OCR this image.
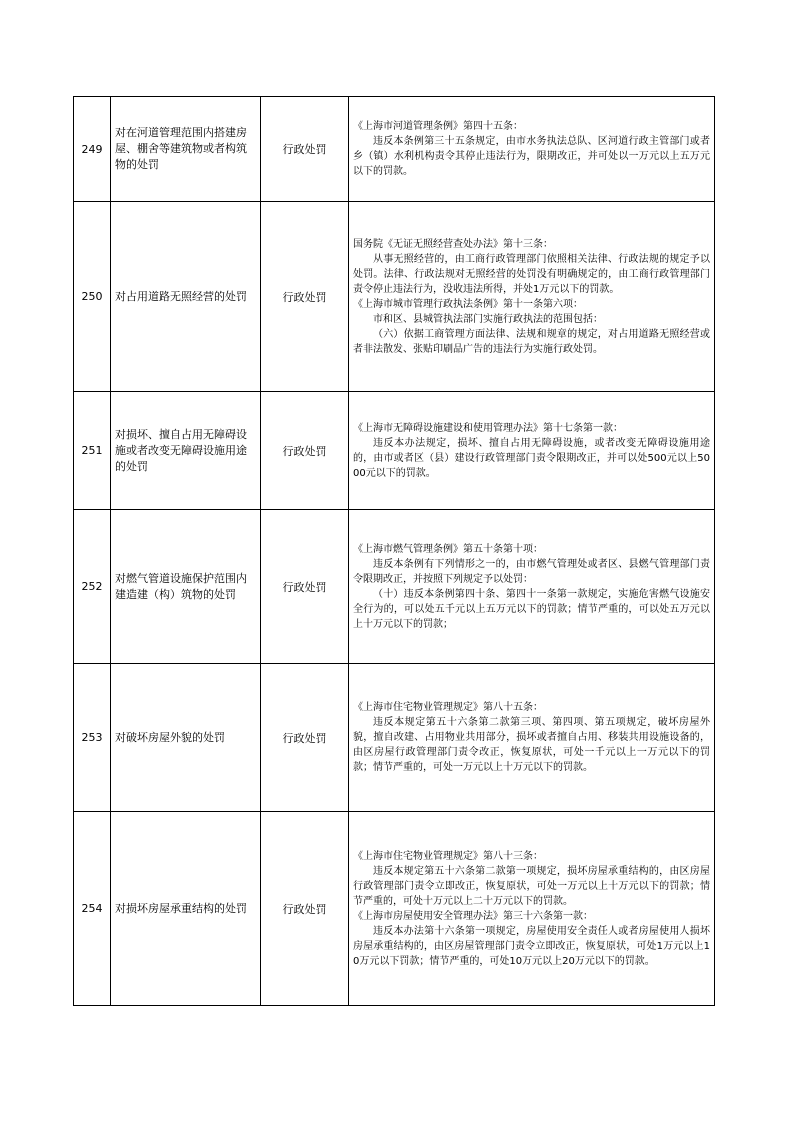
249	对在河道管理范围内搭建房屋、棚舍等建筑物或者构筑物的处罚	行政处罚	《上海市河道管理条例》第四十五条：
违反本条例第三十五条规定，由市水务执法总队、区河道行政主管部门或者乡（镇）水利机构责令其停止违法行为，限期改正，并可处以一万元以上五万元以下的罚款。

250	对占用道路无照经营的处罚	行政处罚	国务院《无证无照经营查处办法》第十三条：
从事无照经营的，由工商行政管理部门依照相关法律、行政法规的规定予以处罚。法律、行政法规对无照经营的处罚没有明确规定的，由工商行政管理部门责令停止违法行为，没收违法所得，并处1万元以下的罚款。
《上海市城市管理行政执法条例》第十一条第六项：
市和区、县城管执法部门实施行政执法的范围包括：
（六）依据工商管理方面法律、法规和规章的规定，对占用道路无照经营或者非法散发、张贴印刷品广告的违法行为实施行政处罚。

251	对损坏、擅自占用无障碍设施或者改变无障碍设施用途的处罚	行政处罚	《上海市无障碍设施建设和使用管理办法》第十七条第一款：
违反本办法规定，损坏、擅自占用无障碍设施，或者改变无障碍设施用途的，由市或者区（县）建设行政管理部门责令限期改正，并可以处500元以上5000元以下的罚款。

252	对燃气管道设施保护范围内建造建（构）筑物的处罚	行政处罚	《上海市燃气管理条例》第五十条第十项：
违反本条例有下列情形之一的，由市燃气管理处或者区、县燃气管理部门责令限期改正，并按照下列规定予以处罚：
（十）违反本条例第四十条、第四十一条第一款规定，实施危害燃气设施安全行为的，可以处五千元以上五万元以下的罚款；情节严重的，可以处五万元以上十万元以下的罚款；

253	对破坏房屋外貌的处罚	行政处罚	《上海市住宅物业管理规定》第八十五条：
违反本规定第五十六条第二款第三项、第四项、第五项规定，破坏房屋外貌，擅自改建、占用物业共用部分，损坏或者擅自占用、移装共用设施设备的，由区房屋行政管理部门责令改正，恢复原状，可处一千元以上一万元以下的罚款；情节严重的，可处一万元以上十万元以下的罚款。

254	对损坏房屋承重结构的处罚	行政处罚	《上海市住宅物业管理规定》第八十三条：
违反本规定第五十六条第二款第一项规定，损坏房屋承重结构的，由区房屋行政管理部门责令立即改正，恢复原状，可处一万元以上十万元以下的罚款；情节严重的，可处十万元以上二十万元以下的罚款。
《上海市房屋使用安全管理办法》第三十六条第一款：
违反本办法第十六条第一项规定，房屋使用安全责任人或者房屋使用人损坏房屋承重结构的，由区房屋管理部门责令立即改正，恢复原状，可处1万元以上10万元以下罚款；情节严重的，可处10万元以上20万元以下的罚款。
